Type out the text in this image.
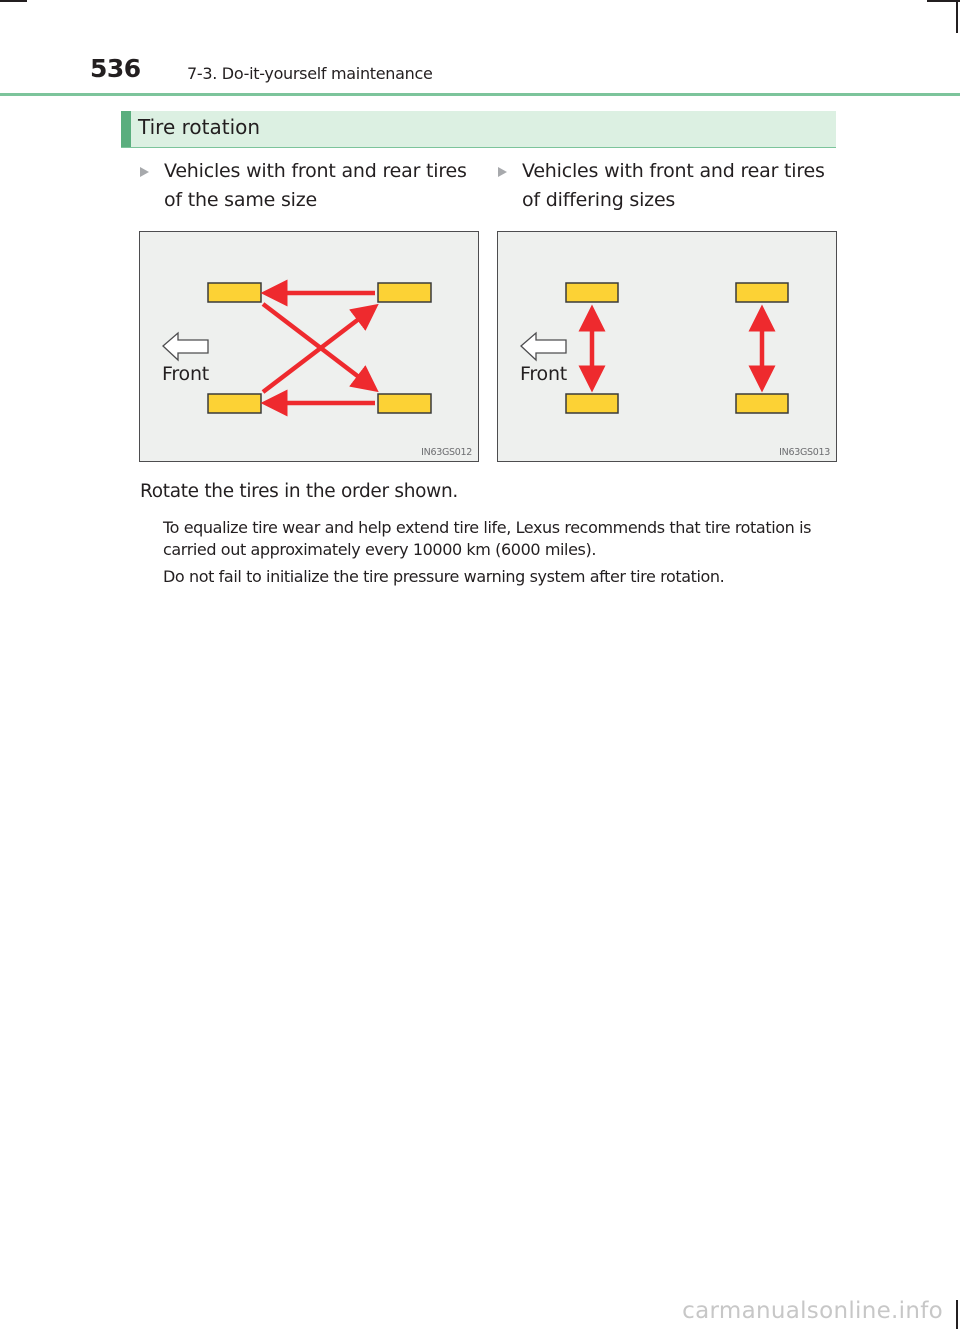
536	7-3. Do-it-yourself maintenance
Tire rotation
Vehicles with front and rear tires of the same size
Vehicles with front and rear tires of differing sizes
Front
IN63GS012
Front
IN63GS013
Rotate the tires in the order shown.
To equalize tire wear and help extend tire life, Lexus recommends that tire rotation is carried out approximately every 10000 km (6000 miles).
Do not fail to initialize the tire pressure warning system after tire rotation.
carmanualsonline.info
